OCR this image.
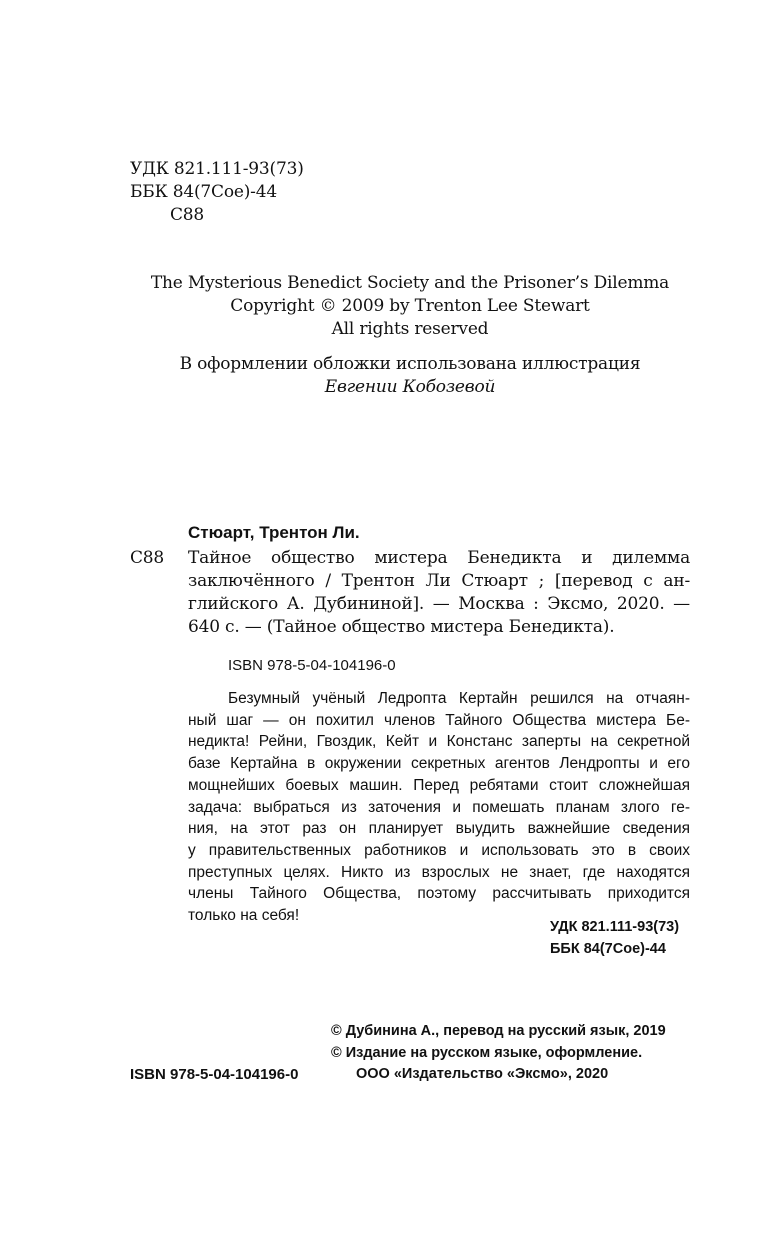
УДК 821.111-93(73)
ББК 84(7Сое)-44
С88
The Mysterious Benedict Society and the Prisoner’s Dilemma
Copyright © 2009 by Trenton Lee Stewart
All rights reserved
В оформлении обложки использована иллюстрация
Евгении Кобозевой
Стюарт, Трентон Ли.
С88 Тайное общество мистера Бенедикта и дилемма
заключённого / Трентон Ли Стюарт ; [перевод с ан-
глийского А. Дубининой]. — Москва : Эксмо, 2020. —
640 с. — (Тайное общество мистера Бенедикта).
ISBN 978-5-04-104196-0
Безумный учёный Ледропта Кертайн решился на отчаян-
ный шаг — он похитил членов Тайного Общества мистера Бе-
недикта! Рейни, Гвоздик, Кейт и Констанс заперты на секретной
базе Кертайна в окружении секретных агентов Лендропты и его
мощнейших боевых машин. Перед ребятами стоит сложнейшая
задача: выбраться из заточения и помешать планам злого ге-
ния, на этот раз он планирует выудить важнейшие сведения
у правительственных работников и использовать это в своих
преступных целях. Никто из взрослых не знает, где находятся
члены Тайного Общества, поэтому рассчитывать приходится
только на себя!
УДК 821.111-93(73)
ББК 84(7Сое)-44
© Дубинина А., перевод на русский язык, 2019
© Издание на русском языке, оформление.
ООО «Издательство «Эксмо», 2020
ISBN 978-5-04-104196-0
